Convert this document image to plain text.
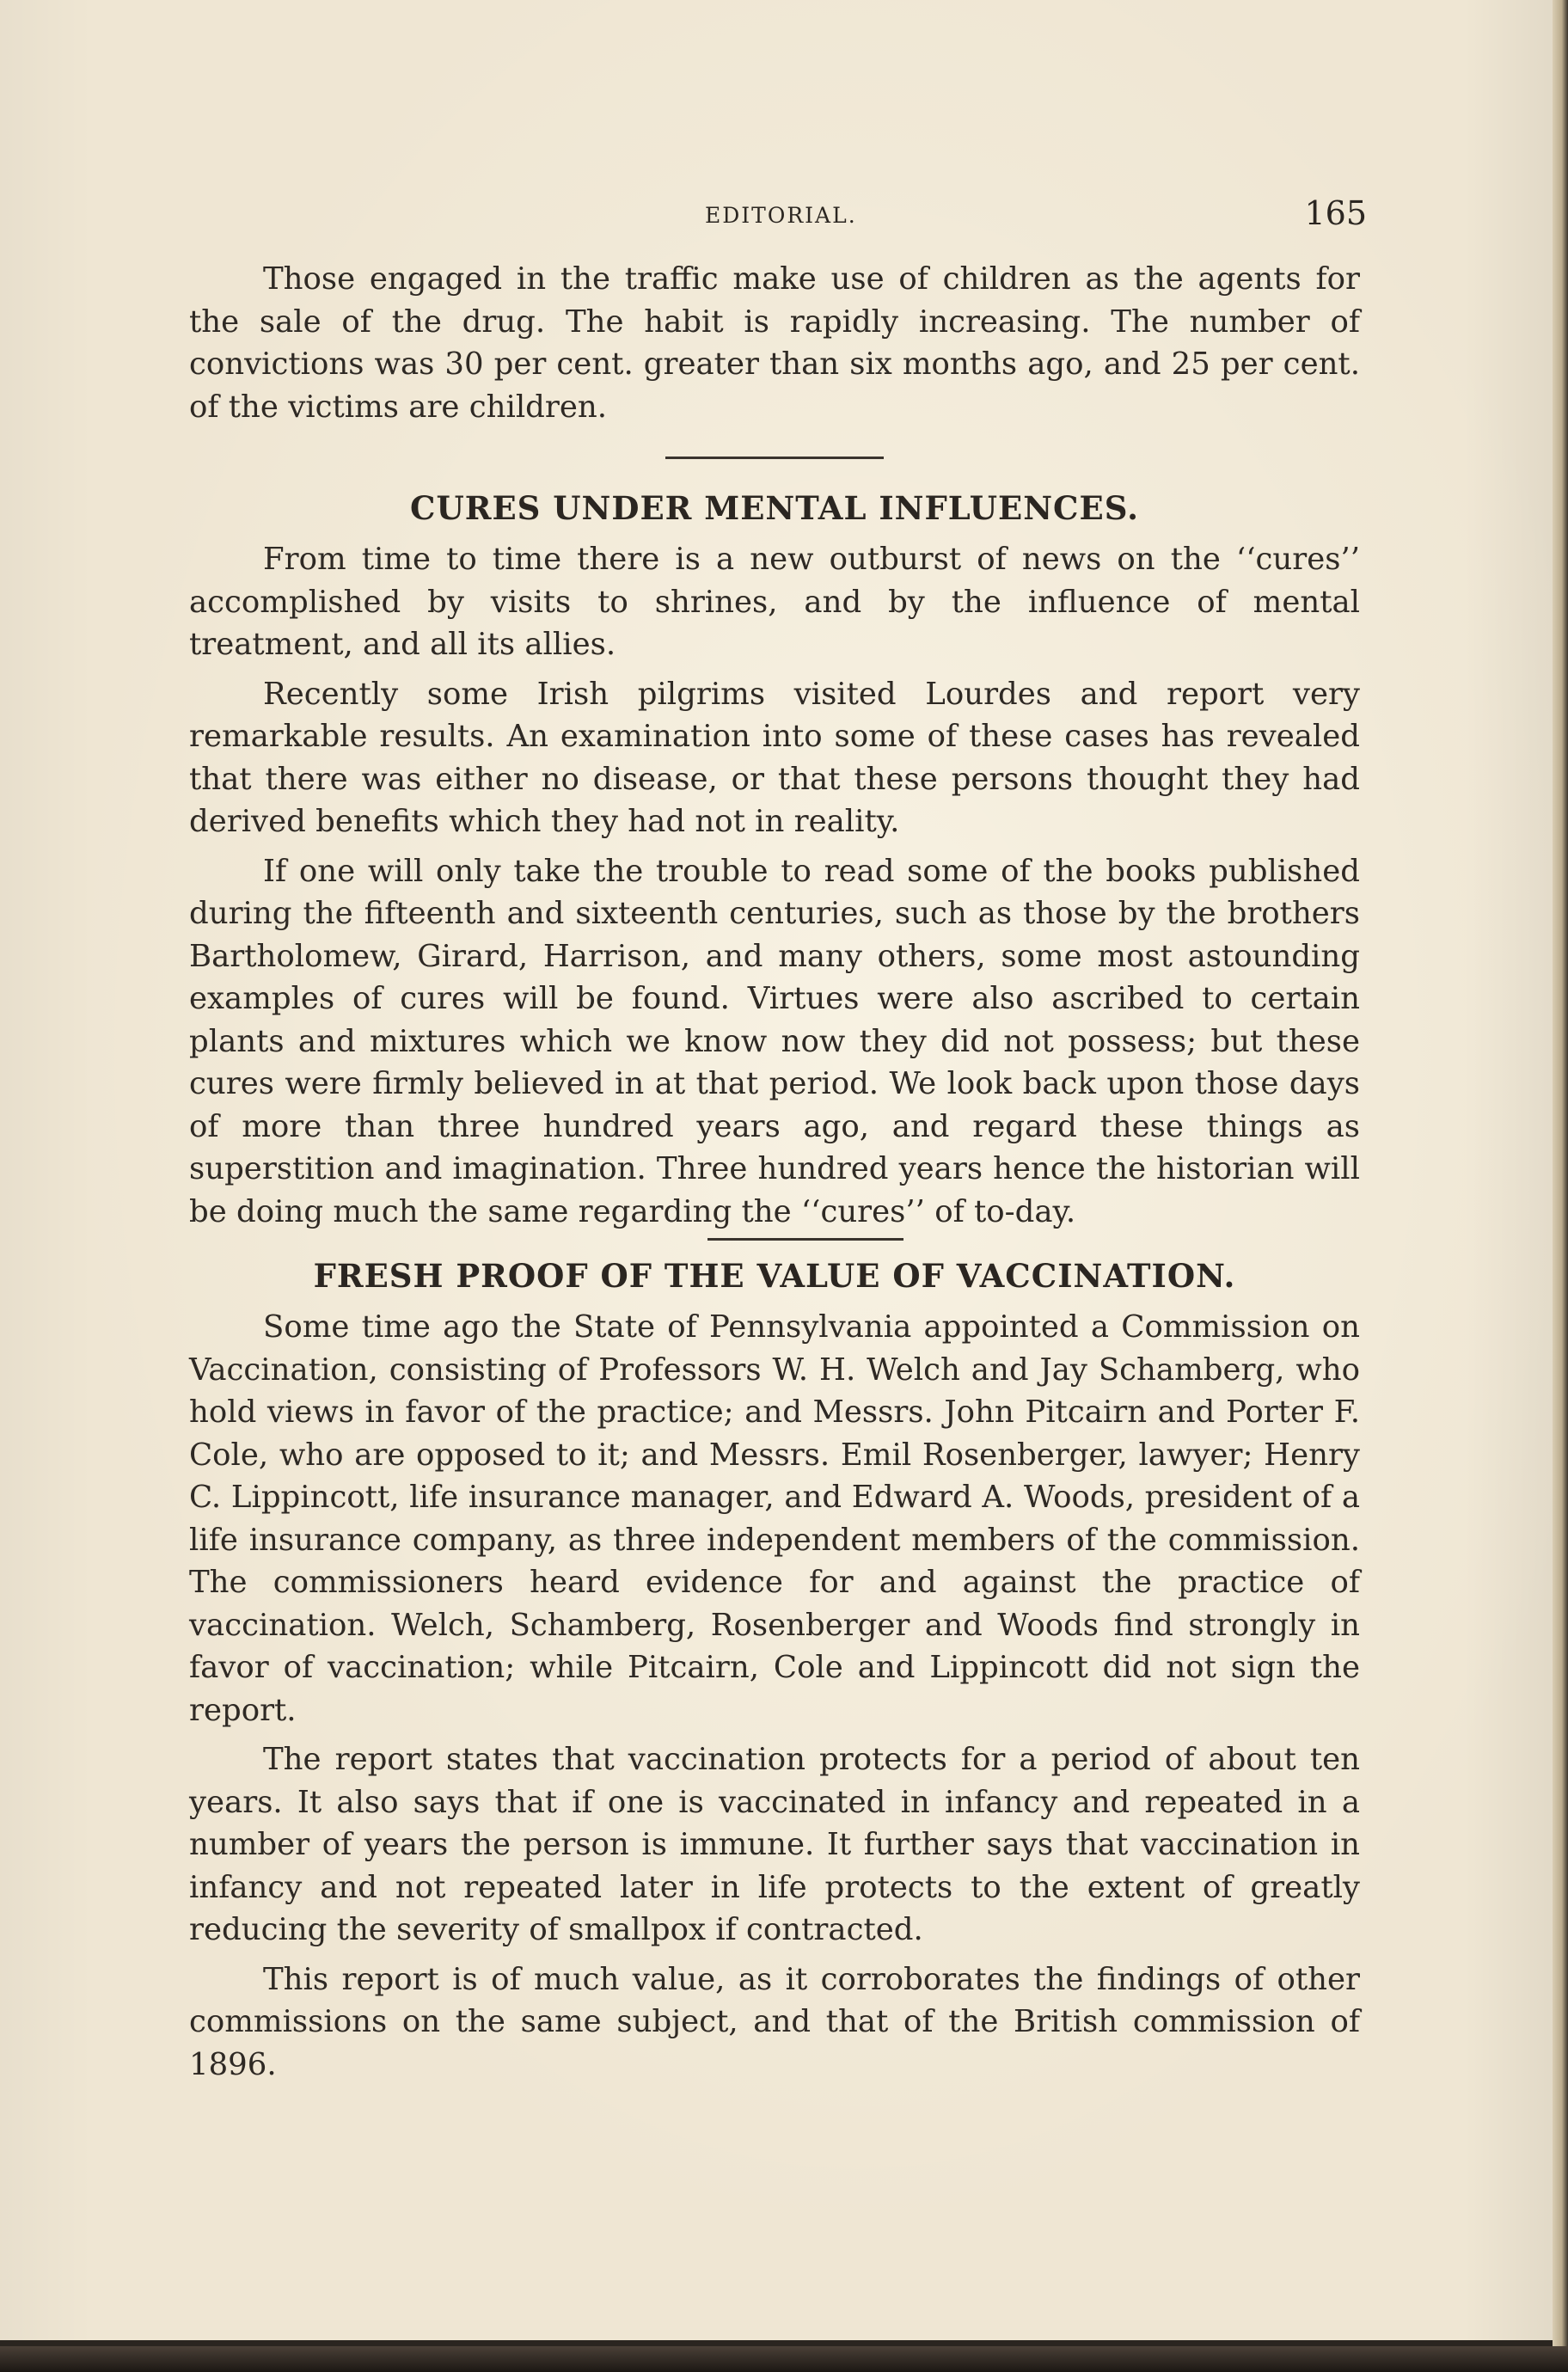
EDITORIAL.	165

Those engaged in the traffic make use of children as the agents for the sale of the drug. The habit is rapidly increasing. The number of convictions was 30 per cent. greater than six months ago, and 25 per cent. of the victims are children.

CURES UNDER MENTAL INFLUENCES.

From time to time there is a new outburst of news on the ‘‘cures’’ accomplished by visits to shrines, and by the influence of mental treatment, and all its allies.

Recently some Irish pilgrims visited Lourdes and report very remarkable results. An examination into some of these cases has revealed that there was either no disease, or that these persons thought they had derived benefits which they had not in reality.

If one will only take the trouble to read some of the books published during the fifteenth and sixteenth centuries, such as those by the brothers Bartholomew, Girard, Harrison, and many others, some most astounding examples of cures will be found. Virtues were also ascribed to certain plants and mixtures which we know now they did not possess; but these cures were firmly believed in at that period. We look back upon those days of more than three hundred years ago, and regard these things as superstition and imagination. Three hundred years hence the historian will be doing much the same regarding the ‘‘cures’’ of to-day.

FRESH PROOF OF THE VALUE OF VACCINATION.

Some time ago the State of Pennsylvania appointed a Commission on Vaccination, consisting of Professors W. H. Welch and Jay Schamberg, who hold views in favor of the practice; and Messrs. John Pitcairn and Porter F. Cole, who are opposed to it; and Messrs. Emil Rosenberger, lawyer; Henry C. Lippincott, life insurance manager, and Edward A. Woods, president of a life insurance company, as three independent members of the commission. The commissioners heard evidence for and against the practice of vaccination. Welch, Schamberg, Rosenberger and Woods find strongly in favor of vaccination; while Pitcairn, Cole and Lippincott did not sign the report.

The report states that vaccination protects for a period of about ten years. It also says that if one is vaccinated in infancy and repeated in a number of years the person is immune. It further says that vaccination in infancy and not repeated later in life protects to the extent of greatly reducing the severity of smallpox if contracted.

This report is of much value, as it corroborates the findings of other commissions on the same subject, and that of the British commission of 1896.
